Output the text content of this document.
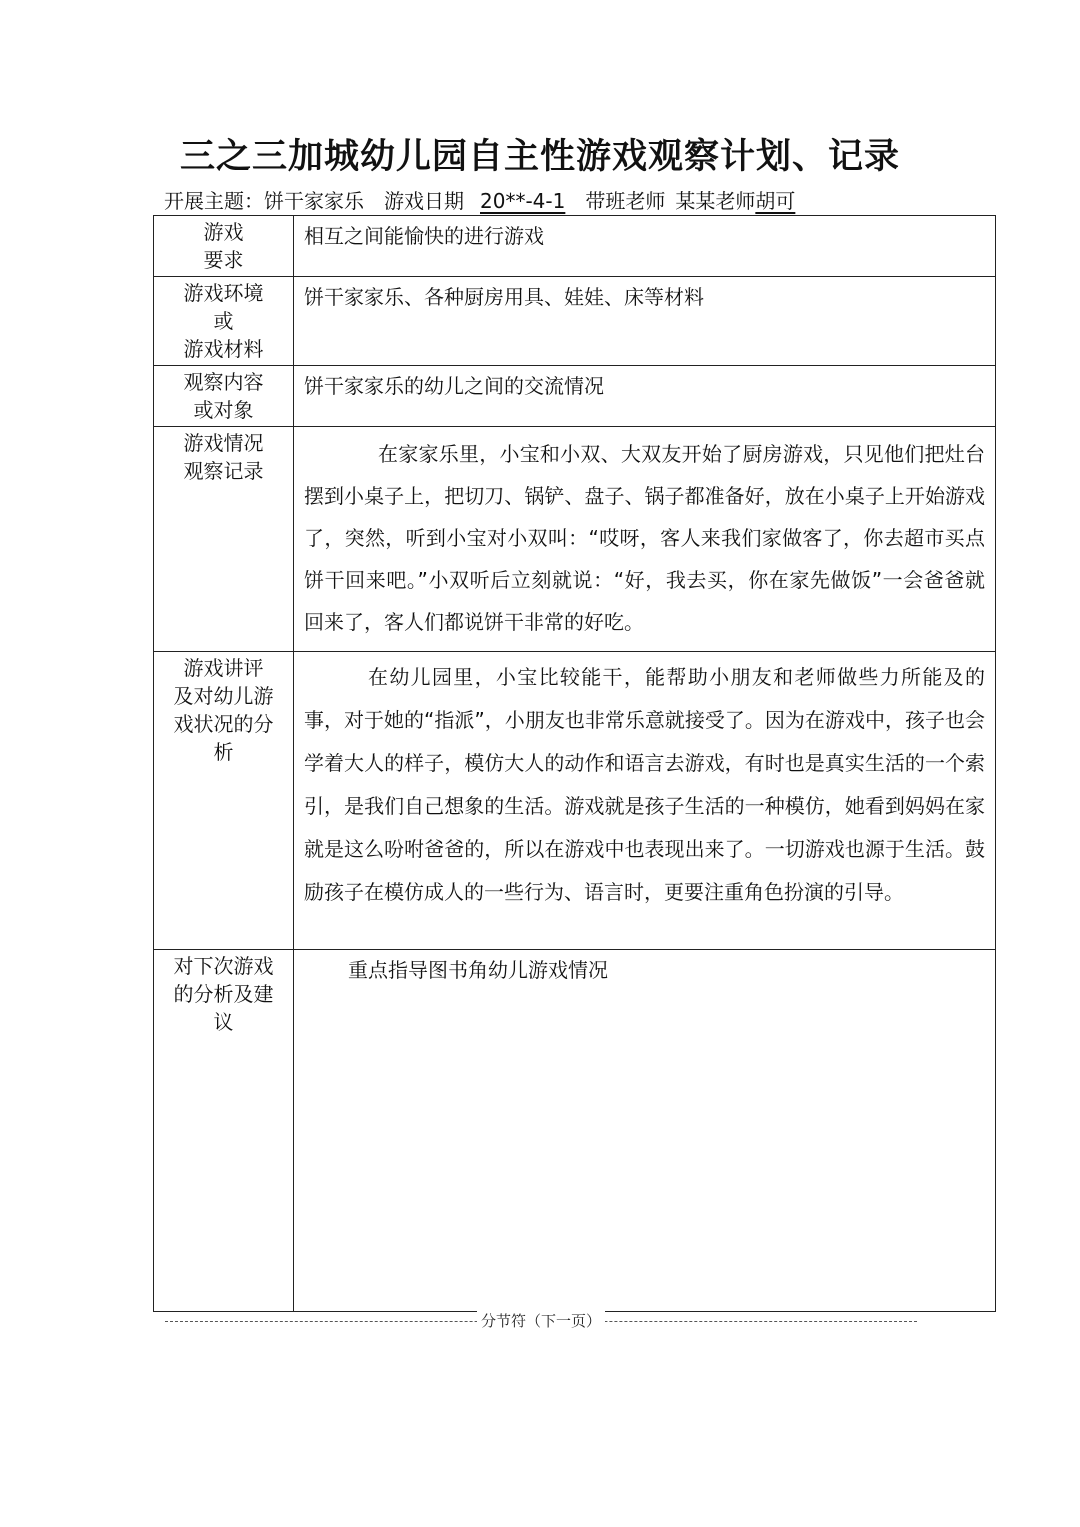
三之三加城幼儿园自主性游戏观察计划、记录
开展主题：饼干家家乐 游戏日期 20**-4-1 带班老师 某某老师胡可
游戏
要求	相互之间能愉快的进行游戏

游戏环境
或
游戏材料	饼干家家乐、各种厨房用具、娃娃、床等材料

观察内容
或对象	饼干家家乐的幼儿之间的交流情况

游戏情况
观察记录	在家家乐里，小宝和小双、大双友开始了厨房游戏，只见他们把灶台摆到小桌子上，把切刀、锅铲、盘子、锅子都准备好，放在小桌子上开始游戏了，突然，听到小宝对小双叫：“哎呀，客人来我们家做客了，你去超市买点饼干回来吧。”小双听后立刻就说：“好，我去买，你在家先做饭”一会爸爸就回来了，客人们都说饼干非常的好吃。

游戏讲评
及对幼儿游
戏状况的分
析	在幼儿园里，小宝比较能干，能帮助小朋友和老师做些力所能及的事，对于她的“指派”，小朋友也非常乐意就接受了。因为在游戏中，孩子也会学着大人的样子，模仿大人的动作和语言去游戏，有时也是真实生活的一个索引，是我们自己想象的生活。游戏就是孩子生活的一种模仿，她看到妈妈在家就是这么吩咐爸爸的，所以在游戏中也表现出来了。一切游戏也源于生活。鼓励孩子在模仿成人的一些行为、语言时，更要注重角色扮演的引导。

对下次游戏
的分析及建
议	重点指导图书角幼儿游戏情况
分节符（下一页）
